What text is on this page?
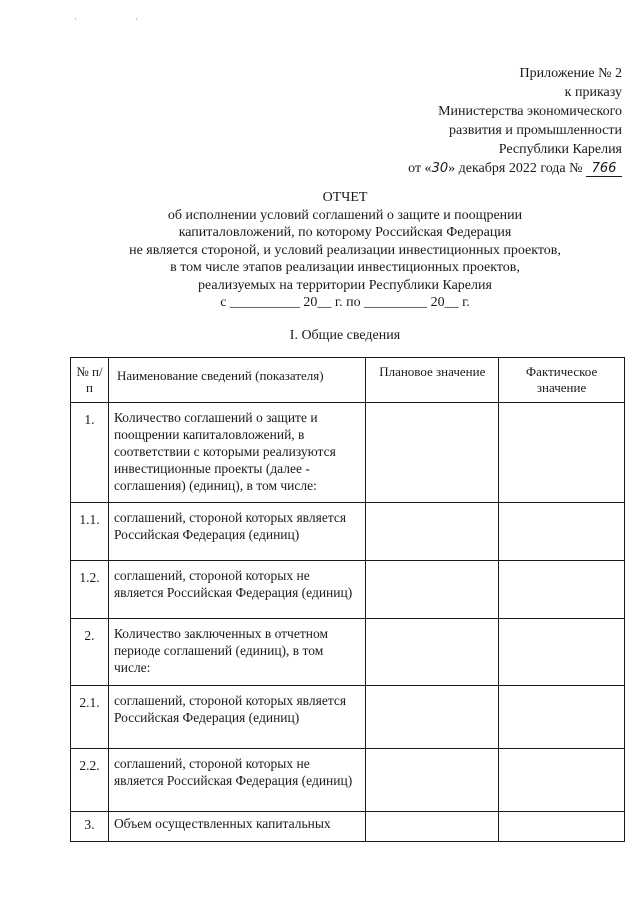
· ·
Приложение № 2
к приказу
Министерства экономического
развития и промышленности
Республики Карелия
от «30» декабря 2022 года № 766
ОТЧЕТ
об исполнении условий соглашений о защите и поощрении
капиталовложений, по которому Российская Федерация
не является стороной, и условий реализации инвестиционных проектов,
в том числе этапов реализации инвестиционных проектов,
реализуемых на территории Республики Карелия
с __________ 20__ г. по _________ 20__ г.
I. Общие сведения
№ п/п	Наименование сведений (показателя)	Плановое значение	Фактическое значение
1.	Количество соглашений о защите и поощрении капиталовложений, в соответствии с которыми реализуются инвестиционные проекты (далее - соглашения) (единиц), в том числе:		
1.1.	соглашений, стороной которых является Российская Федерация (единиц)		
1.2.	соглашений, стороной которых не является Российская Федерация (единиц)		
2.	Количество заключенных в отчетном периоде соглашений (единиц), в том числе:		
2.1.	соглашений, стороной которых является Российская Федерация (единиц)		
2.2.	соглашений, стороной которых не является Российская Федерация (единиц)		
3.	Объем осуществленных капитальных		
